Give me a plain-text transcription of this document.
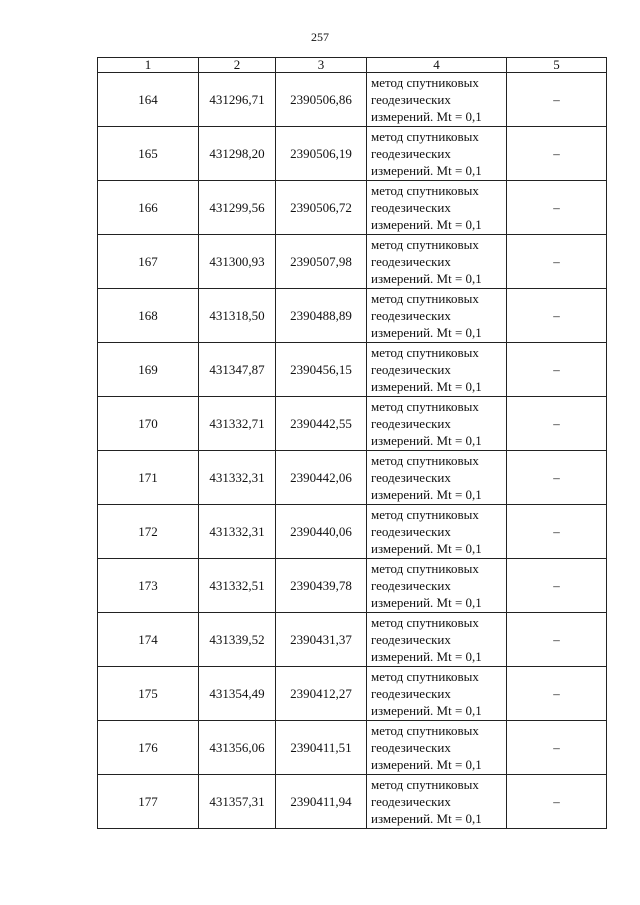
257
1	2	3	4	5
164	431296,71	2390506,86	метод спутниковых
геодезических
измерений. Mt = 0,1	–
165	431298,20	2390506,19	метод спутниковых
геодезических
измерений. Mt = 0,1	–
166	431299,56	2390506,72	метод спутниковых
геодезических
измерений. Mt = 0,1	–
167	431300,93	2390507,98	метод спутниковых
геодезических
измерений. Mt = 0,1	–
168	431318,50	2390488,89	метод спутниковых
геодезических
измерений. Mt = 0,1	–
169	431347,87	2390456,15	метод спутниковых
геодезических
измерений. Mt = 0,1	–
170	431332,71	2390442,55	метод спутниковых
геодезических
измерений. Mt = 0,1	–
171	431332,31	2390442,06	метод спутниковых
геодезических
измерений. Mt = 0,1	–
172	431332,31	2390440,06	метод спутниковых
геодезических
измерений. Mt = 0,1	–
173	431332,51	2390439,78	метод спутниковых
геодезических
измерений. Mt = 0,1	–
174	431339,52	2390431,37	метод спутниковых
геодезических
измерений. Mt = 0,1	–
175	431354,49	2390412,27	метод спутниковых
геодезических
измерений. Mt = 0,1	–
176	431356,06	2390411,51	метод спутниковых
геодезических
измерений. Mt = 0,1	–
177	431357,31	2390411,94	метод спутниковых
геодезических
измерений. Mt = 0,1	–
